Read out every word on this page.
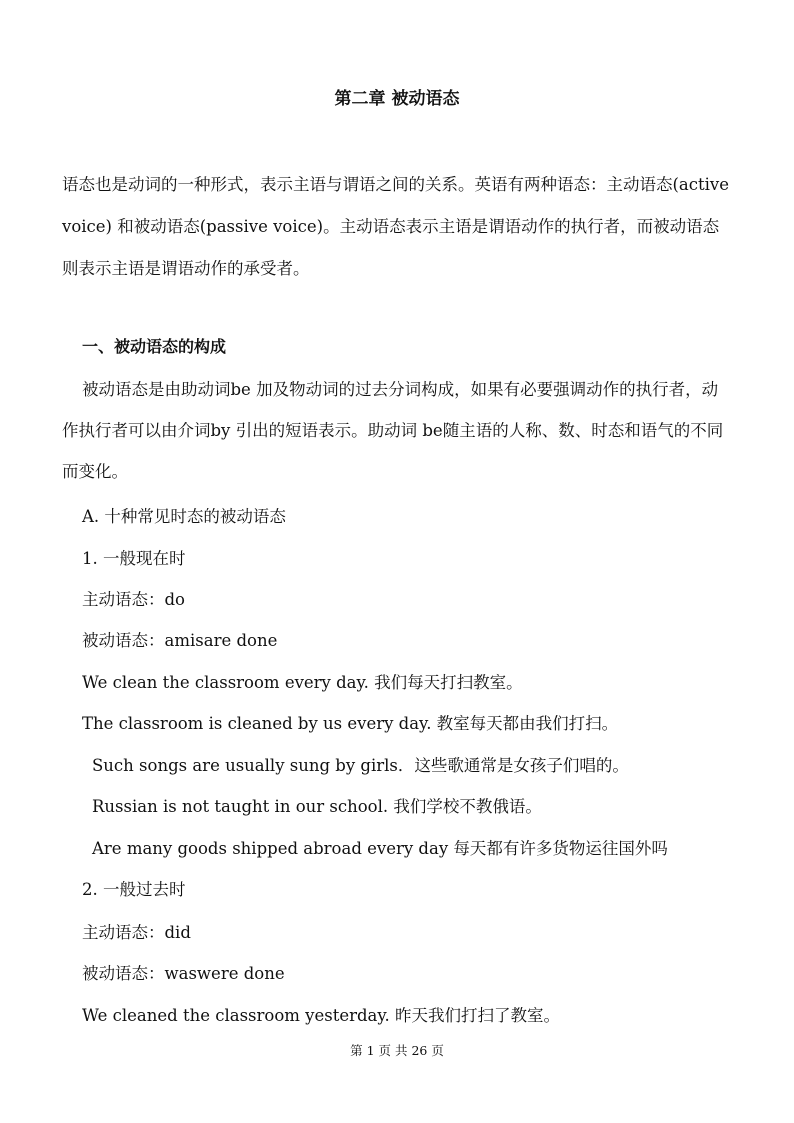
第二章 被动语态

语态也是动词的一种形式，表示主语与谓语之间的关系。英语有两种语态：主动语态(active voice) 和被动语态(passive voice)。主动语态表示主语是谓语动作的执行者，而被动语态则表示主语是谓语动作的承受者。

一、被动语态的构成

被动语态是由助动词be 加及物动词的过去分词构成，如果有必要强调动作的执行者，动作执行者可以由介词by 引出的短语表示。助动词 be随主语的人称、数、时态和语气的不同而变化。

A. 十种常见时态的被动语态

1. 一般现在时

主动语态：do

被动语态：amisare done

We clean the classroom every day. 我们每天打扫教室。

The classroom is cleaned by us every day. 教室每天都由我们打扫。

Such songs are usually sung by girls．这些歌通常是女孩子们唱的。

Russian is not taught in our school. 我们学校不教俄语。

Are many goods shipped abroad every day 每天都有许多货物运往国外吗

2. 一般过去时

主动语态：did

被动语态：waswere done

We cleaned the classroom yesterday. 昨天我们打扫了教室。

第 1 页 共 26 页
